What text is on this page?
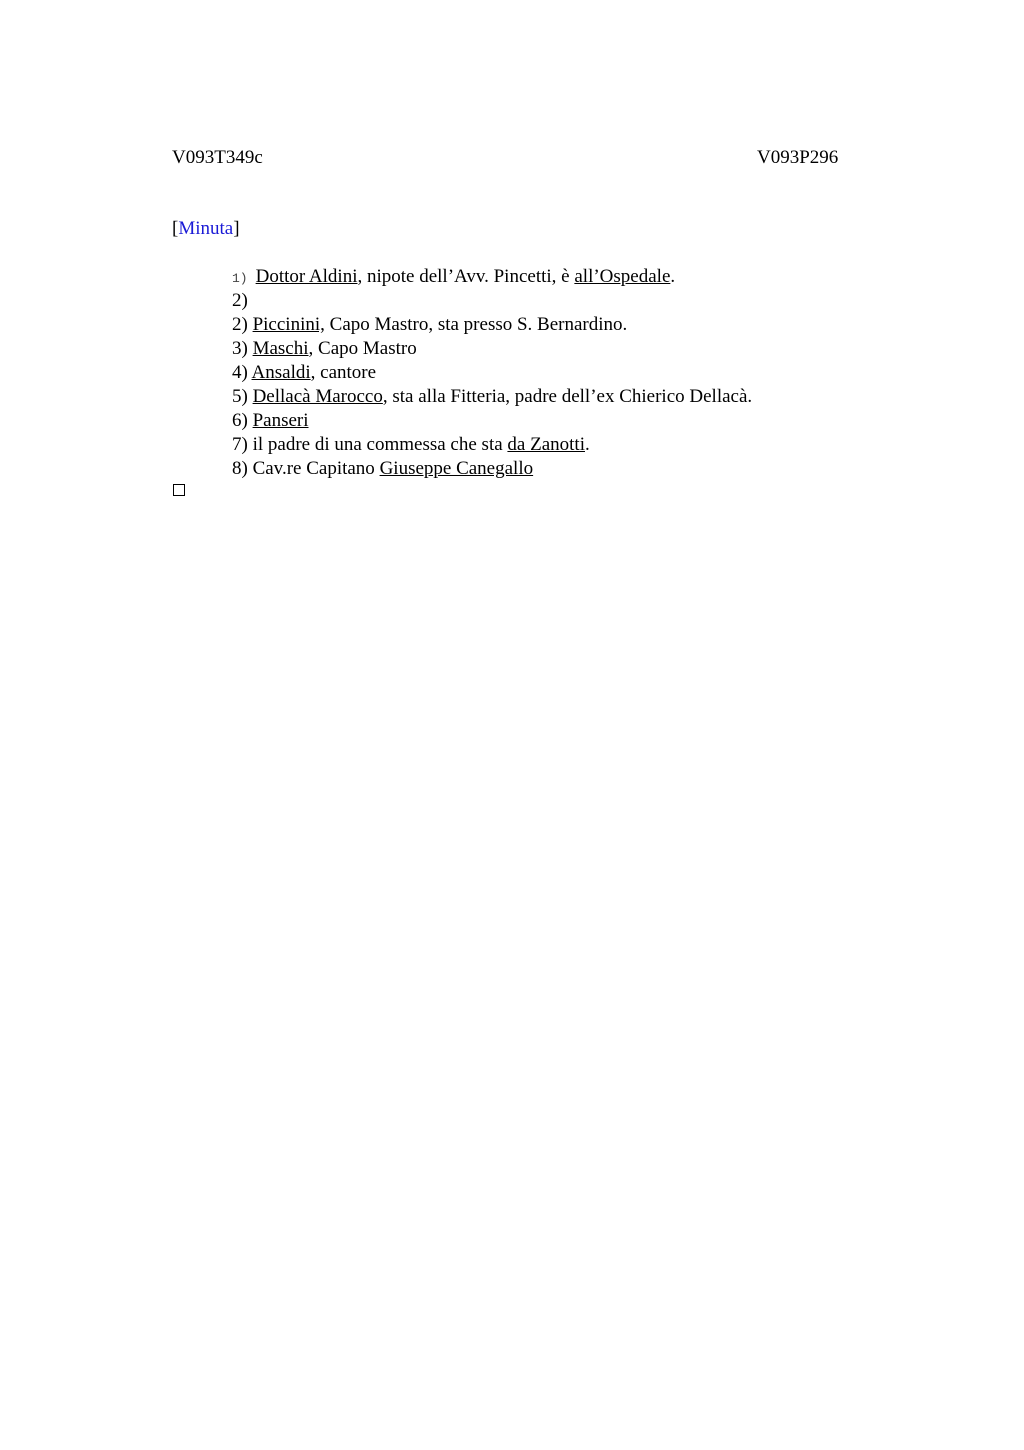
V093T349c	V093P296
[Minuta]
1) Dottor Aldini, nipote dell’Avv. Pincetti, è all’Ospedale.
2)
2) Piccinini, Capo Mastro, sta presso S. Bernardino.
3) Maschi, Capo Mastro
4) Ansaldi, cantore
5) Dellacà Marocco, sta alla Fitteria, padre dell’ex Chierico Dellacà.
6) Panseri
7) il padre di una commessa che sta da Zanotti.
8) Cav.re Capitano Giuseppe Canegallo
